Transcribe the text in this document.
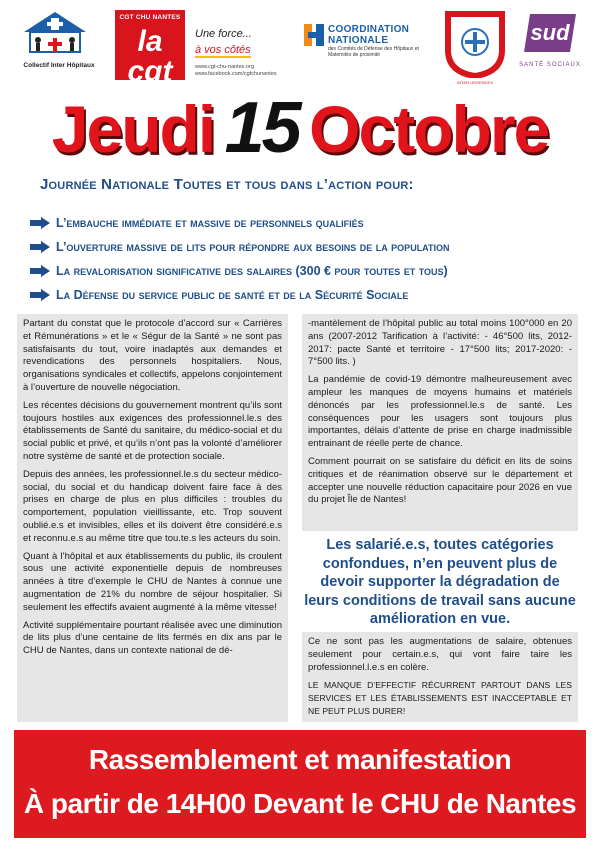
Collectif Inter Hôpitaux
CGT CHU NANTES
la cgt
Une force...
à vos côtés
www.cgt-chu-nantes.org
www.facebook.com/cgtchunantes
COORDINATION NATIONALE
des Comités de Défense des Hôpitaux et Maternités de proximité
INTER URGENCES
sud
SANTÉ SOCIAUX
Jeudi 15 Octobre
Journée Nationale Toutes et tous dans l’action pour:
L’embauche immédiate et massive de personnels qualifiés
L’ouverture massive de lits pour répondre aux besoins de la population
La revalorisation significative des salaires (300 € pour toutes et tous)
La Défense du service public de santé et de la Sécurité Sociale

Partant du constat que le protocole d’accord sur « Carrières et Rémunérations » et le « Ségur de la Santé » ne sont pas satisfaisants du tout, voire inadaptés aux demandes et revendications des personnels hospitaliers. Nous, organisations syndicales et collectifs, appelons conjointement à l’ouverture de nouvelle négociation.

Les récentes décisions du gouvernement montrent qu’ils sont toujours hostiles aux exigences des professionnel.le.s des établissements de Santé du sanitaire, du médico-social et du social public et privé, et qu’ils n’ont pas la volonté d’améliorer notre système de santé et de protection sociale.

Depuis des années, les professionnel.le.s du secteur médico-social, du social et du handicap doivent faire face à des prises en charge de plus en plus difficiles : troubles du comportement, population vieillissante, etc. Trop souvent oublié.e.s et invisibles, elles et ils doivent être considéré.e.s et reconnu.e.s au même titre que tou.te.s les acteurs du soin.

Quant à l’hôpital et aux établissements du public, ils croulent sous une activité exponentielle depuis de nombreuses années à titre d’exemple le CHU de Nantes à connue une augmentation de 21% du nombre de séjour hospitalier. Si seulement les effectifs avaient augmenté à la même vitesse!

Activité supplémentaire pourtant réalisée avec une diminution de lits plus d’une centaine de lits fermés en dix ans par le CHU de Nantes, dans un contexte national de dé-

-mantèlement de l’hôpital public au total moins 100°000 en 20 ans (2007-2012 Tarification à l’activité: - 46°500 lits, 2012-2017: pacte Santé et territoire - 17°500 lits; 2017-2020: - 7°500 lits. )

La pandémie de covid-19 démontre malheureusement avec ampleur les manques de moyens humains et matériels dénoncés par les professionnel.le.s de santé. Les conséquences pour les usagers sont toujours plus importantes, délais d’attente de prise en charge inadmissible entrainant de réelle perte de chance.

Comment pourrait on se satisfaire du déficit en lits de soins critiques et de réanimation observé sur le département et accepter une nouvelle réduction capacitaire pour 2026 en vue du projet Île de Nantes!

Les salarié.e.s, toutes catégories confondues, n’en peuvent plus de devoir supporter la dégradation de leurs conditions de travail sans aucune amélioration en vue.

Ce ne sont pas les augmentations de salaire, obtenues seulement pour certain.e.s, qui vont faire taire les professionnel.l.e.s en colère.

LE MANQUE D’EFFECTIF RÉCURRENT PARTOUT DANS LES SERVICES ET LES ÉTABLISSEMENTS EST INACCEPTABLE ET NE PEUT PLUS DURER!

Rassemblement et manifestation
À partir de 14H00 Devant le CHU de Nantes
